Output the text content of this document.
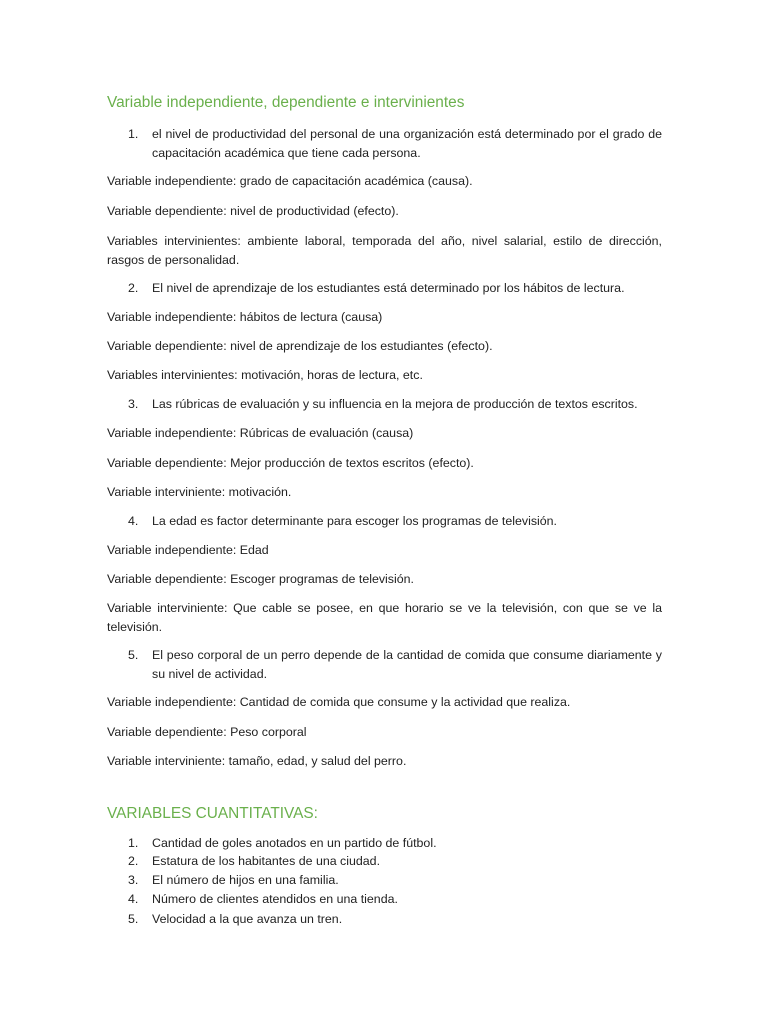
Variable independiente, dependiente e intervinientes
1. el nivel de productividad del personal de una organización está determinado por el grado de capacitación académica que tiene cada persona.
Variable independiente: grado de capacitación académica (causa).
Variable dependiente: nivel de productividad (efecto).
Variables intervinientes: ambiente laboral, temporada del año, nivel salarial, estilo de dirección, rasgos de personalidad.
2. El nivel de aprendizaje de los estudiantes está determinado por los hábitos de lectura.
Variable independiente: hábitos de lectura (causa)
Variable dependiente: nivel de aprendizaje de los estudiantes (efecto).
Variables intervinientes: motivación, horas de lectura, etc.
3. Las rúbricas de evaluación y su influencia en la mejora de producción de textos escritos.
Variable independiente: Rúbricas de evaluación (causa)
Variable dependiente: Mejor producción de textos escritos (efecto).
Variable interviniente: motivación.
4. La edad es factor determinante para escoger los programas de televisión.
Variable independiente: Edad
Variable dependiente: Escoger programas de televisión.
Variable interviniente: Que cable se posee, en que horario se ve la televisión, con que se ve la televisión.
5. El peso corporal de un perro depende de la cantidad de comida que consume diariamente y su nivel de actividad.
Variable independiente: Cantidad de comida que consume y la actividad que realiza.
Variable dependiente: Peso corporal
Variable interviniente: tamaño, edad, y salud del perro.
VARIABLES CUANTITATIVAS:
1. Cantidad de goles anotados en un partido de fútbol.
2. Estatura de los habitantes de una ciudad.
3. El número de hijos en una familia.
4. Número de clientes atendidos en una tienda.
5. Velocidad a la que avanza un tren.
